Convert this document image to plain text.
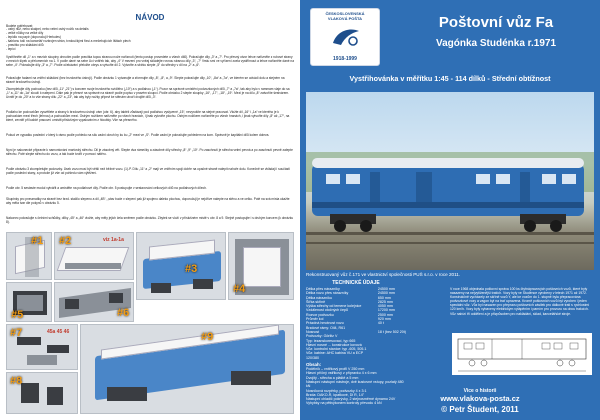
NÁVOD
Budete potřebovat:
- ostrý nůž, nebo skalpel, nebo velmi ostrý nožík na details
- velké nůžky na velké díly
- lepidlo na papír (doporučuji Herkules)
- šablonu tuší na kancelář rozkrojen strán, tvrdoučkými fixsí a mečebujících lištách plech
- pravítko pro skládání dílů
- lepící
Vystřihněte díl „1“ a v mezích skupiny ohnutím podle pravítka tupou stranou nože naříznutí (tento postup provedete u všech dílů). Pokračujte díly „3“ a „7“. Pro přesný otvor lehce nařízněte z rubové strany v mezích šipek a přelomeních na 1. V podle dané na sebe Ucí vnitřek tak, aby „4“ V mezení pro vněaj skládejte rovnou stranou díly „3“, „7“ Vrstu smí ve vyřízení zcela vystřihnout a lehce nařízněte dané na sebe „4“. Pokračujte díly „3“ a „7“. Podle očekávání přeložte obrys a vytvořte díl 2. Vytvořte a sbírku slepte „5“ do střechy v díl na „2“ a „6“.
Pokračujte řadami na vnitřní skládání (bez brzdového ústrojí). Podle obrázku 1 vytvarujte a zformujte díly „8“, „8“, a „9“. Slepte pokračujte díly „10“, „8a“ a „7a“, ve kterém se odvádí dolu a stejném na straně brzdového ústrojí.
Zkompletujte díly podvozku (bez dílů „11“ „21“) s koncem svoje brzdového svídlého („10“) a s podlahou („1“). Pozor na správné umístění podvozkových dílů „7“ a „7a“, tak aby bylo v rammam vlaje do sa „1“ a „11“ do „1a“ slouží k nalepení. Dále pak je přesné na správné na straně podle popisu v pravém sloupci. Podle obrázku 2 slepte sloupky „16“, „17“, „18“, „19“. Mezi je na dílu „8“ zatvoříte šestvárem. Uvnitř je do „20“ a to vše strany dílu „22“ a „23“, tak aby byly nožky připevl ke stěnám utvoří dvojité dílů „3“.
Podlahu ke podvozkům vysvětlete a strany k brzdovému ústrojí vám (obr. 6). aby taktéž zůstávají pod podlahou vyslyvené „15“, nevyrušíte na stejné pracovat. Vložte díl „16“ i „1a“ ve kterého je k podvozkám mezi třech (lehnou) a podvozkům mezi. Ostrým nožíkem nařízněte po všech hranách, i jinak vytvořte plochu. Ostrým nožíkem nařízněte po všech hranách, i jinak vytvořte díly „8“ až „17“, na které, zevnitř při každé pracovní umístit příslušným vypalováním z hloubky. Vše na přesného.
Pokud ve vypadku poslední v který k rámu podle pohledu na sílu zadní okruh by ku ku „2“ mezi ve „S“. Podle zadní je pokračujte pohledem na kom. Správně je kapitální dílů kolem doleva.
Nyní je nakonecké připravte k namontování martovký střechu. Dil je zásobný vět. Slepte dva rámečky a zásobné díly střechy „8“ „9“ „10“. Po zaschnutí je střecha velmi pevná a po zaschnutí pevně zalepte střechu. Poté slepte střechu do vozu, a tak bude tvořit v pomocí nátěru.
Podle obrázku 3 zkompletujte podvozky. Úsek vozu musí být větší než běžné vozu. (1)-P. Dílu „11“ a „2“ mají ve vnitřním spoji dobře na opačné straně nalepit nahoře dolu. Konečně se vkládají i součásti podle poslední stany, a protože již vše od pohledu vám výtěžení.
Podle obr. 5 sestavte modul vytvářit a umístěte na podlahové díly. Podle obr. 5 postupujte v sestavování celkových dílů na podlahových dílech.
Skupinky pro pneumatiky na straně bez brzd. stačilo slepeno a díl „4B“, „stav bude v slepení pak již spojeno daleko plochou, doporučuji je nejdříve nalepte na stěnu a ve celku. Poté na svá místa ukažte aby měla tvar dle pokynů v obrázku 5.
Nakonec pokračujte s čelními schůdky, dílky „45“ a „46“ vložte, aby měly jejich čela směrem podle obrázku. Zbytek se vloží v příslušném místě v obr. 8 a 9. Stejně postupujte i s druhým koncem (k obrázku 8).
#1 #2	viz 1a-1a
#3
#4
#5	#6
#7	45a 45 46
#8
#9
ČESKOSLOVENSKÁ
VLAKOVÁ POŠTA
1918-1999
Poštovní vůz Fa
Vagónka Studénka r.1971
Vystřihovánka v měřítku 1:45 - 114 dílků - Střední obtížnost
Rekonstruovaný vůz č.171 ve vlastnictví společnosti PUŠ s.r.o. v roce 2011.
TECHNICKÉ ÚDAJE
Délka přes nárazníky	24500 mm
Délka vozu přes nárazníky	24500 mm
Délka nárazníku	650 mm
Šířka skříně	2825 mm
Výška střechy od temene kolejnice	4050 mm
Vzdálenost otočných čepů	17200 mm
Rozvor podvozku	2500 mm
Průměr kol	920 mm
Prázdná hmotnost vozu	40 t
Brzdové rámy: Oil4, R61	
Nosnost	18 t (bez 502 20t)
Podvozky: Görlitz V	
Typ: lezanskoresovací, typ 665	
Hlavní nosné ... konstrukce kovová	
Vůz: kontrolní stanice: typ -605, 505.1	
Vůz: kabine: AHC kabina VU a ECP 120/380	
Obsah:
Podélník – vnitřkový profil V 250 mm
Hlavní příčný vstřikový z přípravku 4 x 6 mm
Dvojitý - střecha a pláště a 5 mm
Nástupní nástupní nástroje, dvě kustovné vstupy, pozlatý 480 kN
Nosníková rozpěrky, podvozky 4 x 3:1
Brzda: DAKO-R, kpatkové, Dl R, 14"
Nástupní chladič pokrývky, 2 stejnosměrné dynamo 24V
Vyhybky na pětivýkonem kontroly převodu 4 kN
V roce 1968 objednala poštovní správa 100 ks čtyřnápravových poštovních vozů, které byly nasazeny na nejvytíženější tratích. Vozy byly ve Studénce vyrobeny v letech 1971 až 1972. Konstrukčně vycházely ze skříně vozů Y, ale ke vozům do 1. stupně byla přepracována podvozkové vozy a vagon byl na trať upravena. Kromě poštovních vozů byl vyroben i jeden speciální vůz. Vůz byl nasazen pro přepravu poštovních zásilek pro dálkové trati s rychlostmi 120 km/h. Vozy byly vybaveny elektrickým vytápěním i parním pro provozu na obou trakcích. Vůz nabízí tři oddělení a je přizpůsoben pro nakládání, sklad, kancelářské stroje.
Vice o historii
www.vlakova-posta.cz
© Petr Študent, 2011
